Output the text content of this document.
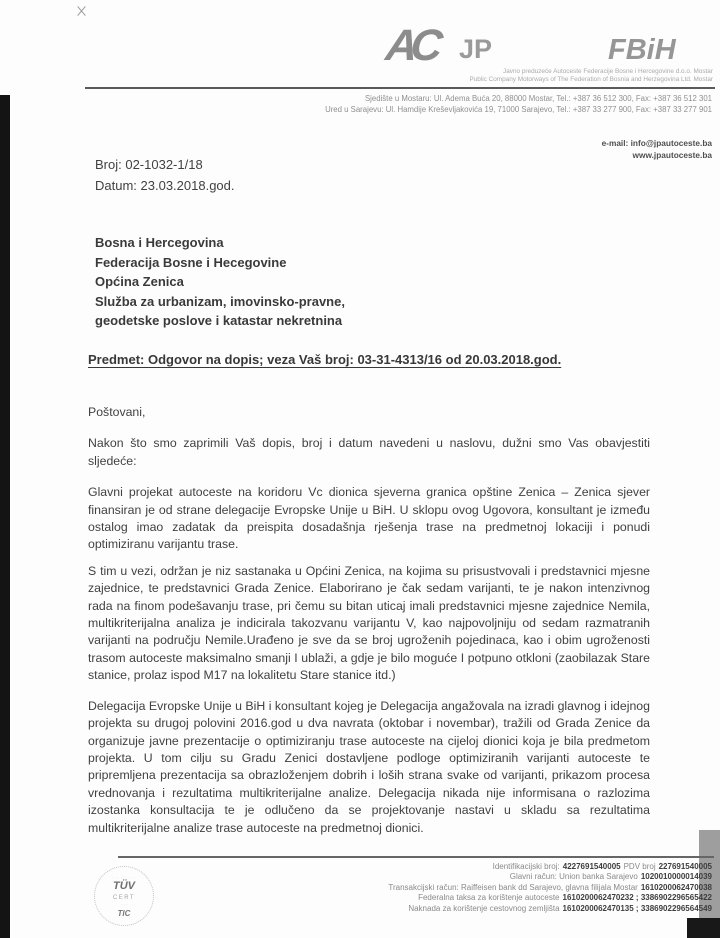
AC JP	FBiH
Javno preduzeće Autoceste Federacije Bosne i Hercegovine d.o.o. Mostar
Public Company Motorways of The Federation of Bosnia and Herzegovina Ltd. Mostar
Sjedište u Mostaru: Ul. Adema Buća 20, 88000 Mostar, Tel.: +387 36 512 300, Fax: +387 36 512 301
Ured u Sarajevu: Ul. Hamdije Kreševljakovića 19, 71000 Sarajevo, Tel.: +387 33 277 900, Fax: +387 33 277 901
e-mail: info@jpautoceste.ba
www.jpautoceste.ba
Broj: 02-1032-1/18
Datum: 23.03.2018.god.
Bosna i Hercegovina
Federacija Bosne i Hecegovine
Općina Zenica
Služba za urbanizam, imovinsko-pravne,
geodetske poslove i katastar nekretnina
Predmet: Odgovor na dopis; veza Vaš broj: 03-31-4313/16 od 20.03.2018.god.

Poštovani,

Nakon što smo zaprimili Vaš dopis, broj i datum navedeni u naslovu, dužni smo Vas obavjestiti sljedeće:

Glavni projekat autoceste na koridoru Vc dionica sjeverna granica opštine Zenica – Zenica sjever finansiran je od strane delegacije Evropske Unije u BiH. U sklopu ovog Ugovora, konsultant je između ostalog imao zadatak da preispita dosadašnja rješenja trase na predmetnoj lokaciji i ponudi optimiziranu varijantu trase.

S tim u vezi, održan je niz sastanaka u Općini Zenica, na kojima su prisustvovali i predstavnici mjesne zajednice, te predstavnici Grada Zenice. Elaborirano je čak sedam varijanti, te je nakon intenzivnog rada na finom podešavanju trase, pri čemu su bitan uticaj imali predstavnici mjesne zajednice Nemila, multikriterijalna analiza je indicirala takozvanu varijantu V, kao najpovoljniju od sedam razmatranih varijanti na području Nemile.Urađeno je sve da se broj ugroženih pojedinaca, kao i obim ugroženosti trasom autoceste maksimalno smanji I ublaži, a gdje je bilo moguće I potpuno otkloni (zaobilazak Stare stanice, prolaz ispod M17 na lokalitetu Stare stanice itd.)

Delegacija Evropske Unije u BiH i konsultant kojeg je Delegacija angažovala na izradi glavnog i idejnog projekta su drugoj polovini 2016.god u dva navrata (oktobar i novembar), tražili od Grada Zenice da organizuje javne prezentacije o optimiziranju trase autoceste na cijeloj dionici koja je bila predmetom projekta. U tom cilju su Gradu Zenici dostavljene podloge optimiziranih varijanti autoceste te pripremljena prezentacija sa obrazloženjem dobrih i loših strana svake od varijanti, prikazom procesa vrednovanja i rezultatima multikriterijalne analize. Delegacija nikada nije informisana o razlozima izostanka konsultacija te je odlučeno da se projektovanje nastavi u skladu sa rezultatima multikriterijalne analize trase autoceste na predmetnoj dionici.

· · · · · ·
TÜV
CERT
· · ·
TIC
Identifikacijski broj: 4227691540005 PDV broj 227691540005
Glavni račun: Union banka Sarajevo 1020010000014039
Transakcijski račun: Raiffeisen bank dd Sarajevo, glavna filijala Mostar 1610200062470038
Federalna taksa za korištenje autoceste 1610200062470232 ; 3386902296565422
Naknada za korištenje cestovnog zemljišta 1610200062470135 ; 3386902296564549
